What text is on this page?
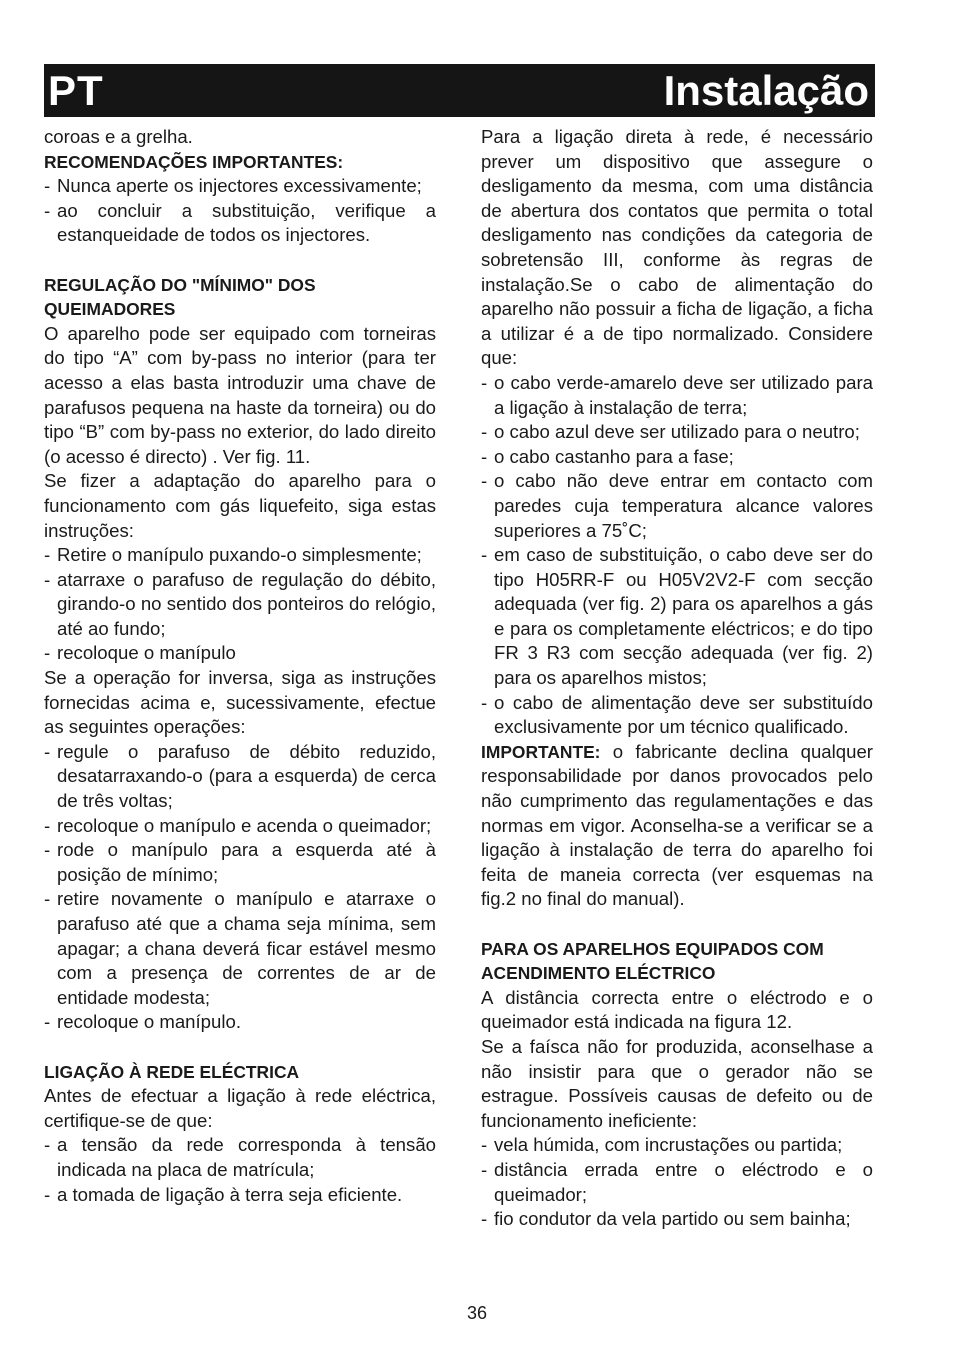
PT	Instalação

coroas e a grelha.

RECOMENDAÇÕES IMPORTANTES:
- Nunca aperte os injectores excessivamente;
- ao concluir a substituição, verifique a estanqueidade de todos os injectores.
REGULAÇÃO DO "MÍNIMO" DOS QUEIMADORES

O aparelho pode ser equipado com torneiras do tipo “A” com by-pass no interior (para ter acesso a elas basta introduzir uma chave de parafusos pequena na haste da torneira) ou do tipo “B” com by-pass no exterior, do lado direito (o acesso é directo) . Ver fig. 11.

Se fizer a adaptação do aparelho para o funcionamento com gás liquefeito, siga estas instruções:

- Retire o manípulo puxando-o simplesmente;
- atarraxe o parafuso de regulação do débito, girando-o no sentido dos ponteiros do relógio, até ao fundo;
- recoloque o manípulo

Se a operação for inversa, siga as instruções fornecidas acima e, sucessivamente, efectue as seguintes operações:

- regule o parafuso de débito reduzido, desatarraxando-o (para a esquerda) de cerca de três voltas;
- recoloque o manípulo e acenda o queimador;
- rode o manípulo para a esquerda até à posição de mínimo;
- retire novamente o manípulo e atarraxe o parafuso até que a chama seja mínima, sem apagar; a chana deverá ficar estável mesmo com a presença de correntes de ar de entidade modesta;
- recoloque o manípulo.
LIGAÇÃO À REDE ELÉCTRICA

Antes de efectuar a ligação à rede eléctrica, certifique-se de que:

- a tensão da rede corresponda à tensão indicada na placa de matrícula;
- a tomada de ligação à terra seja eficiente.

Para a ligação direta à rede, é necessário prever um dispositivo que assegure o desligamento da mesma, com uma distância de abertura dos contatos que permita o total desligamento nas condições da categoria de sobretensão III, conforme às regras de instalação.Se o cabo de alimentação do aparelho não possuir a ficha de ligação, a ficha a utilizar é a de tipo normalizado. Considere que:

- o cabo verde-amarelo deve ser utilizado para a ligação à instalação de terra;
- o cabo azul deve ser utilizado para o neutro;
- o cabo castanho para a fase;
- o cabo não deve entrar em contacto com paredes cuja temperatura alcance valores superiores a 75˚C;
- em caso de substituição, o cabo deve ser do tipo H05RR-F ou H05V2V2-F com secção adequada (ver fig. 2) para os aparelhos a gás e para os completamente eléctricos; e do tipo FR 3 R3 com secção adequada (ver fig. 2) para os aparelhos mistos;
- o cabo de alimentação deve ser substituído exclusivamente por um técnico qualificado.

IMPORTANTE: o fabricante declina qualquer responsabilidade por danos provocados pelo não cumprimento das regulamentações e das normas em vigor. Aconselha-se a verificar se a ligação à instalação de terra do aparelho foi feita de maneia correcta (ver esquemas na fig.2 no final do manual).

PARA OS APARELHOS EQUIPADOS COM ACENDIMENTO ELÉCTRICO

A distância correcta entre o eléctrodo e o queimador está indicada na figura 12.

Se a faísca não for produzida, aconselhase a não insistir para que o gerador não se estrague. Possíveis causas de defeito ou de funcionamento ineficiente:

- vela húmida, com incrustações ou partida;
- distância errada entre o eléctrodo e o queimador;
- fio condutor da vela partido ou sem bainha;
36
